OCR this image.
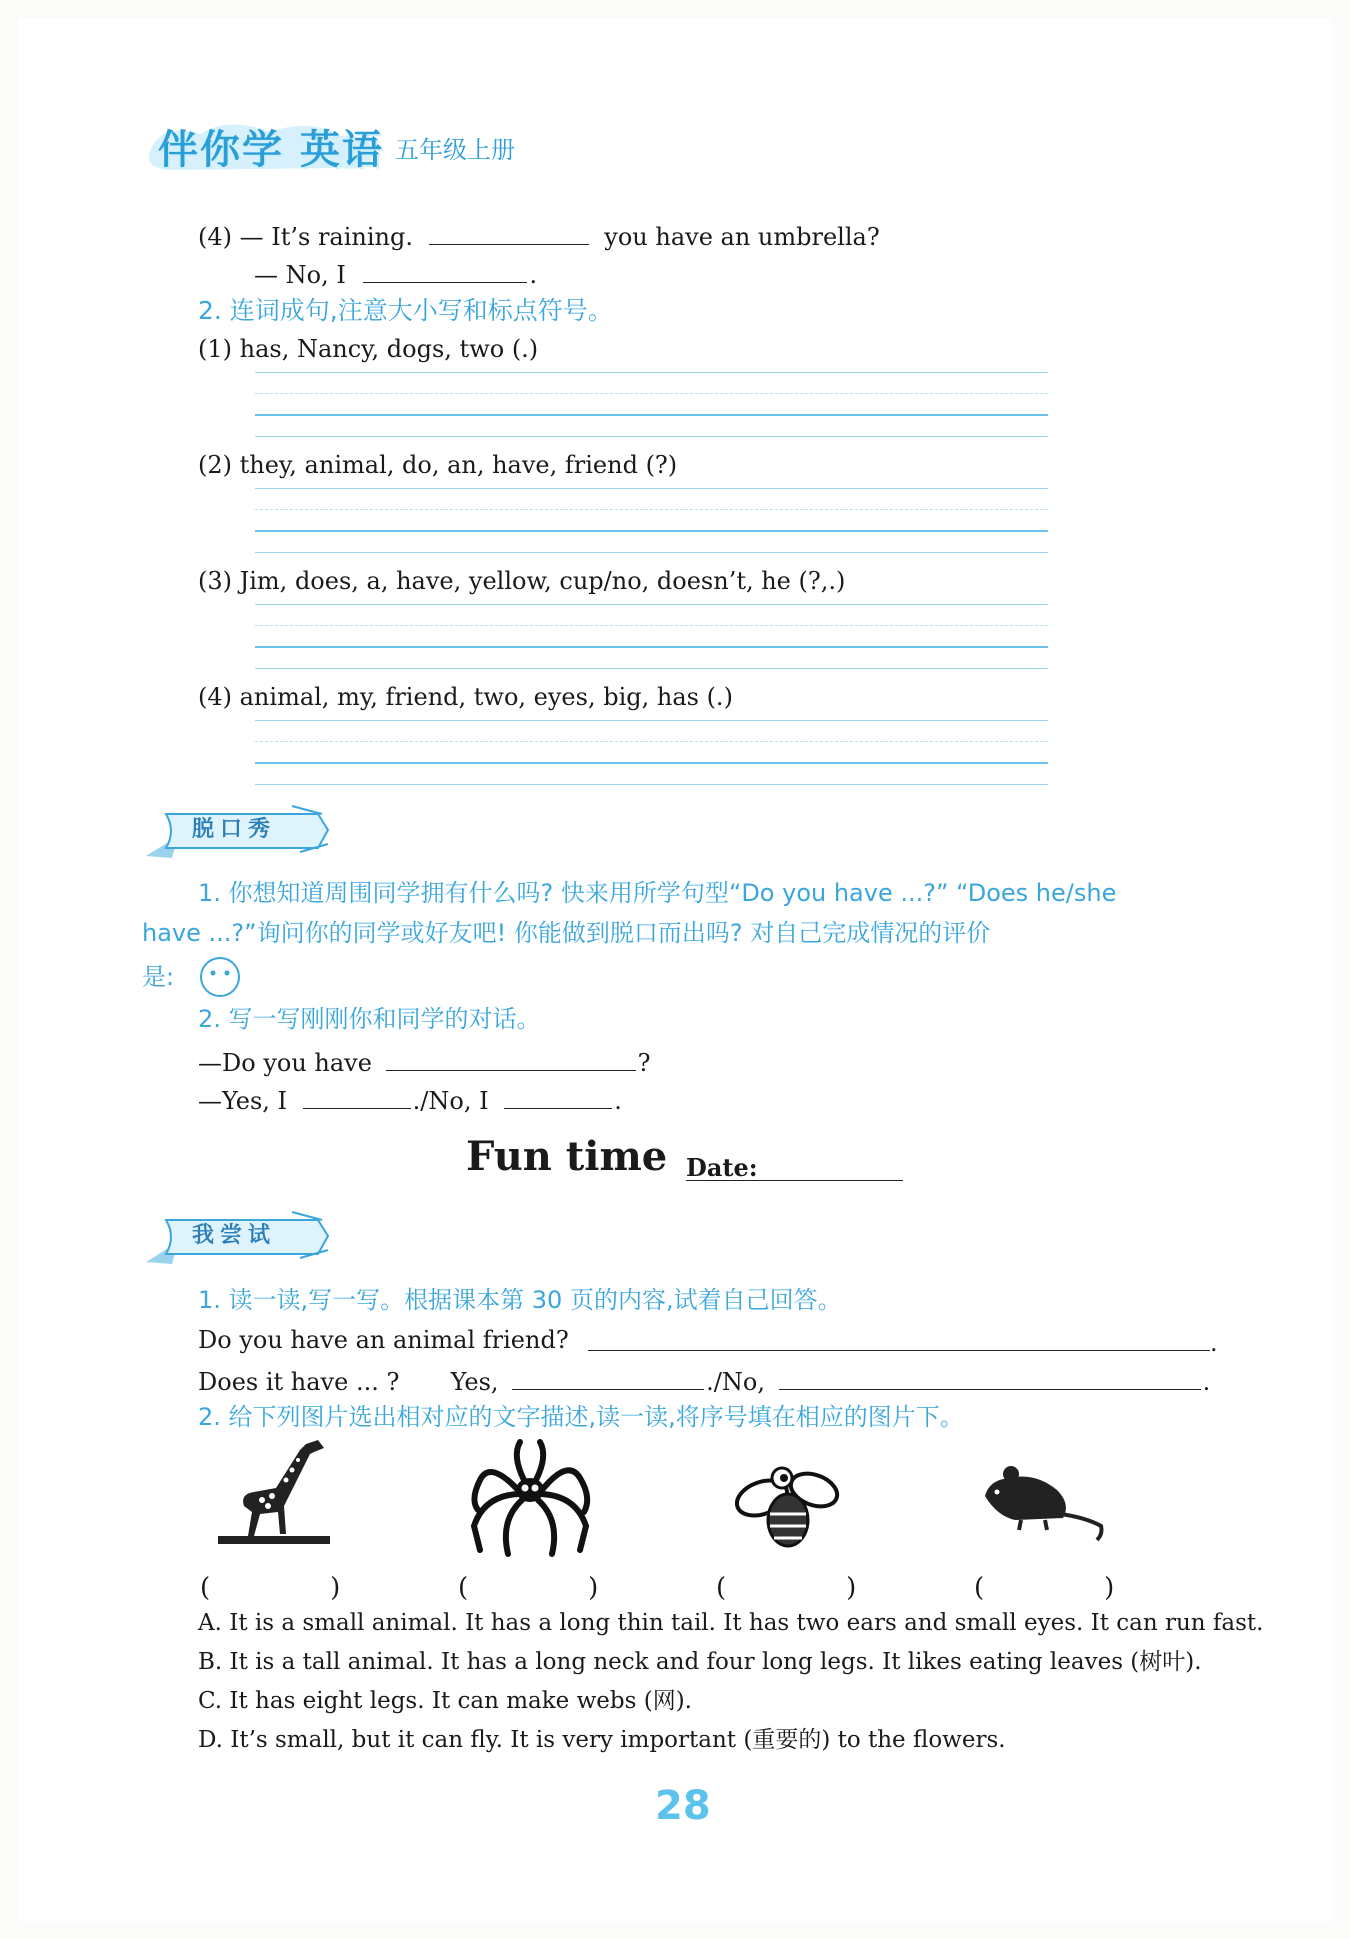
伴你学 英语 五年级上册
(4) — It’s raining.	you have an umbrella?
— No, I	.
2. 连词成句,注意大小写和标点符号。
(1) has, Nancy, dogs, two (.)
(2) they, animal, do, an, have, friend (?)
(3) Jim, does, a, have, yellow, cup/no, doesn’t, he (?,.)
(4) animal, my, friend, two, eyes, big, has (.)
脱口秀
1. 你想知道周围同学拥有什么吗? 快来用所学句型“Do you have ...?” “Does he/she
have ...?”询问你的同学或好友吧! 你能做到脱口而出吗? 对自己完成情况的评价
是:
2. 写一写刚刚你和同学的对话。
—Do you have	?
—Yes, I	./No, I	.
Fun time Date:
我尝试
1. 读一读,写一写。根据课本第 30 页的内容,试着自己回答。
Do you have an animal friend?	.
Does it have ... ? Yes,	./No,	.
2. 给下列图片选出相对应的文字描述,读一读,将序号填在相应的图片下。
(	)	(	)	(	)	(	)
A. It is a small animal. It has a long thin tail. It has two ears and small eyes. It can run fast.
B. It is a tall animal. It has a long neck and four long legs. It likes eating leaves (树叶).
C. It has eight legs. It can make webs (网).
D. It’s small, but it can fly. It is very important (重要的) to the flowers.
28
